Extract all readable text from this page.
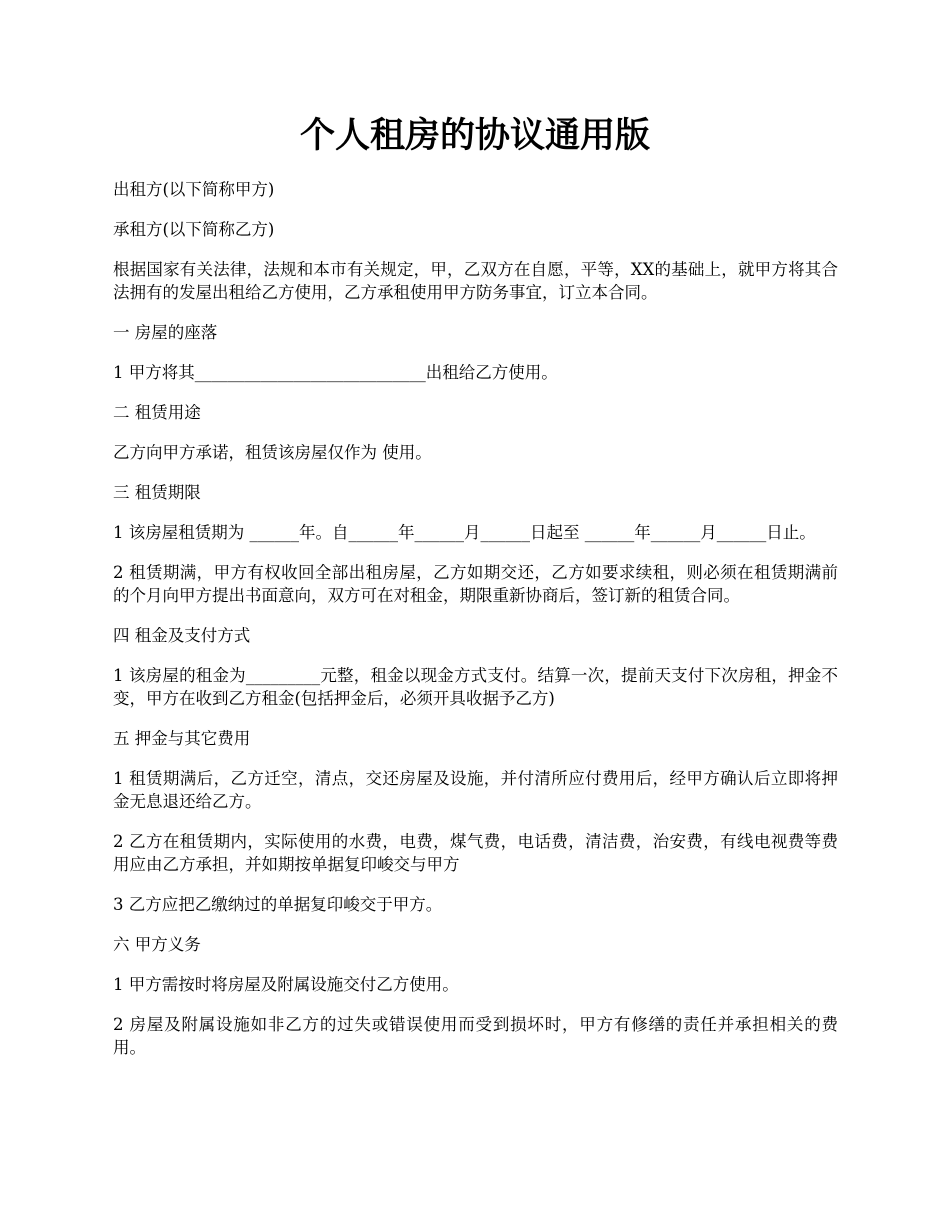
个人租房的协议通用版

出租方(以下简称甲方)

承租方(以下简称乙方)

根据国家有关法律，法规和本市有关规定，甲，乙双方在自愿，平等，XX的基础上，就甲方将其合法拥有的发屋出租给乙方使用，乙方承租使用甲方防务事宜，订立本合同。

一 房屋的座落

1 甲方将其____________________________出租给乙方使用。

二 租赁用途

乙方向甲方承诺，租赁该房屋仅作为 使用。

三 租赁期限

1 该房屋租赁期为 ______年。自______年______月______日起至 ______年______月______日止。

2 租赁期满，甲方有权收回全部出租房屋，乙方如期交还，乙方如要求续租，则必须在租赁期满前的个月向甲方提出书面意向，双方可在对租金，期限重新协商后，签订新的租赁合同。

四 租金及支付方式

1 该房屋的租金为_________元整，租金以现金方式支付。结算一次，提前天支付下次房租，押金不变，甲方在收到乙方租金(包括押金后，必须开具收据予乙方)

五 押金与其它费用

1 租赁期满后，乙方迁空，清点，交还房屋及设施，并付清所应付费用后，经甲方确认后立即将押金无息退还给乙方。

2 乙方在租赁期内，实际使用的水费，电费，煤气费，电话费，清洁费，治安费，有线电视费等费用应由乙方承担，并如期按单据复印峻交与甲方

3 乙方应把乙缴纳过的单据复印峻交于甲方。

六 甲方义务

1 甲方需按时将房屋及附属设施交付乙方使用。

2 房屋及附属设施如非乙方的过失或错误使用而受到损坏时，甲方有修缮的责任并承担相关的费用。
